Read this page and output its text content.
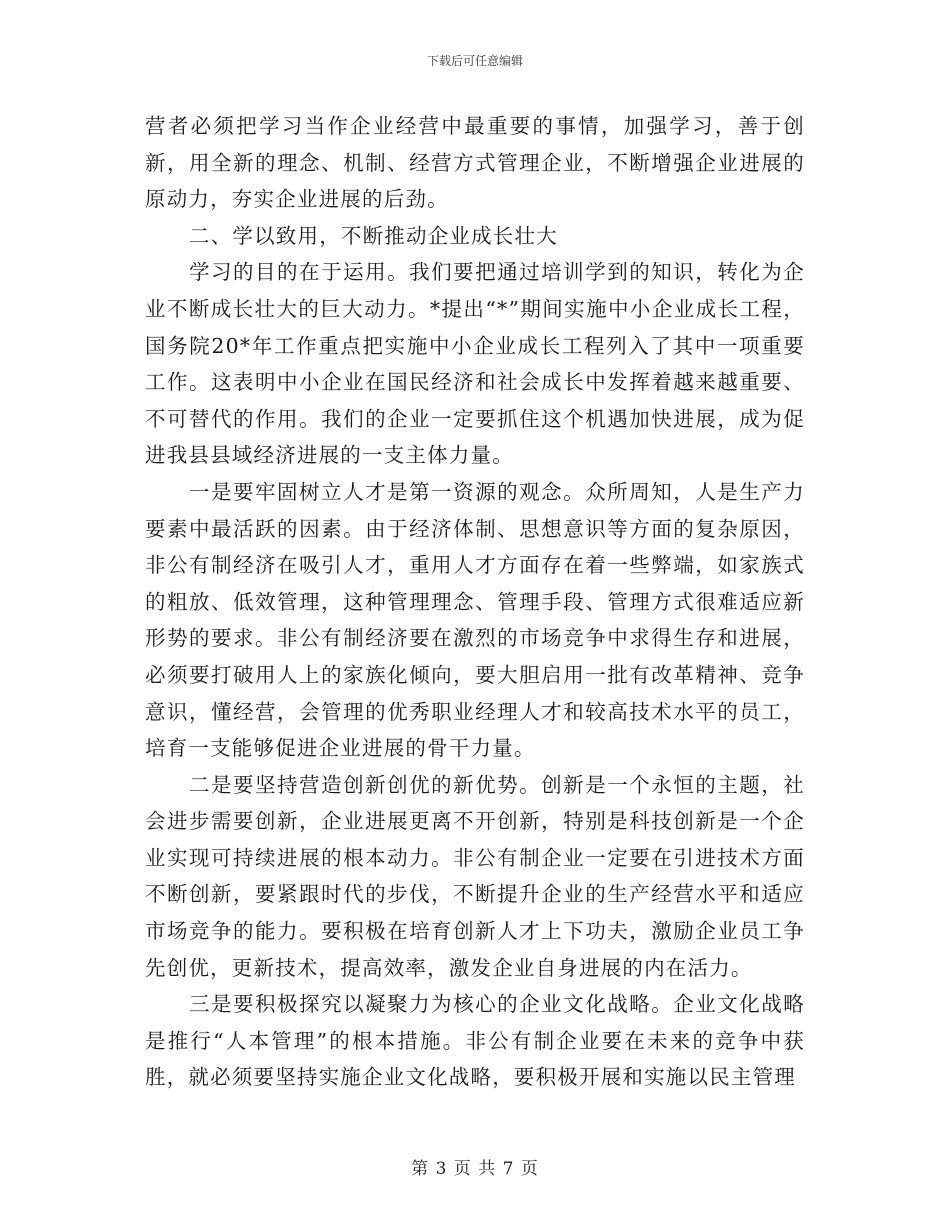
下载后可任意编辑

营者必须把学习当作企业经营中最重要的事情，加强学习，善于创新，用全新的理念、机制、经营方式管理企业，不断增强企业进展的原动力，夯实企业进展的后劲。

二、学以致用，不断推动企业成长壮大

学习的目的在于运用。我们要把通过培训学到的知识，转化为企业不断成长壮大的巨大动力。*提出“*”期间实施中小企业成长工程，国务院20*年工作重点把实施中小企业成长工程列入了其中一项重要工作。这表明中小企业在国民经济和社会成长中发挥着越来越重要、不可替代的作用。我们的企业一定要抓住这个机遇加快进展，成为促进我县县域经济进展的一支主体力量。

一是要牢固树立人才是第一资源的观念。众所周知，人是生产力要素中最活跃的因素。由于经济体制、思想意识等方面的复杂原因，非公有制经济在吸引人才，重用人才方面存在着一些弊端，如家族式的粗放、低效管理，这种管理理念、管理手段、管理方式很难适应新形势的要求。非公有制经济要在激烈的市场竞争中求得生存和进展，必须要打破用人上的家族化倾向，要大胆启用一批有改革精神、竞争意识，懂经营，会管理的优秀职业经理人才和较高技术水平的员工，培育一支能够促进企业进展的骨干力量。

二是要坚持营造创新创优的新优势。创新是一个永恒的主题，社会进步需要创新，企业进展更离不开创新，特别是科技创新是一个企业实现可持续进展的根本动力。非公有制企业一定要在引进技术方面不断创新，要紧跟时代的步伐，不断提升企业的生产经营水平和适应市场竞争的能力。要积极在培育创新人才上下功夫，激励企业员工争先创优，更新技术，提高效率，激发企业自身进展的内在活力。

三是要积极探究以凝聚力为核心的企业文化战略。企业文化战略是推行“人本管理”的根本措施。非公有制企业要在未来的竞争中获胜，就必须要坚持实施企业文化战略，要积极开展和实施以民主管理

第 3 页 共 7 页
